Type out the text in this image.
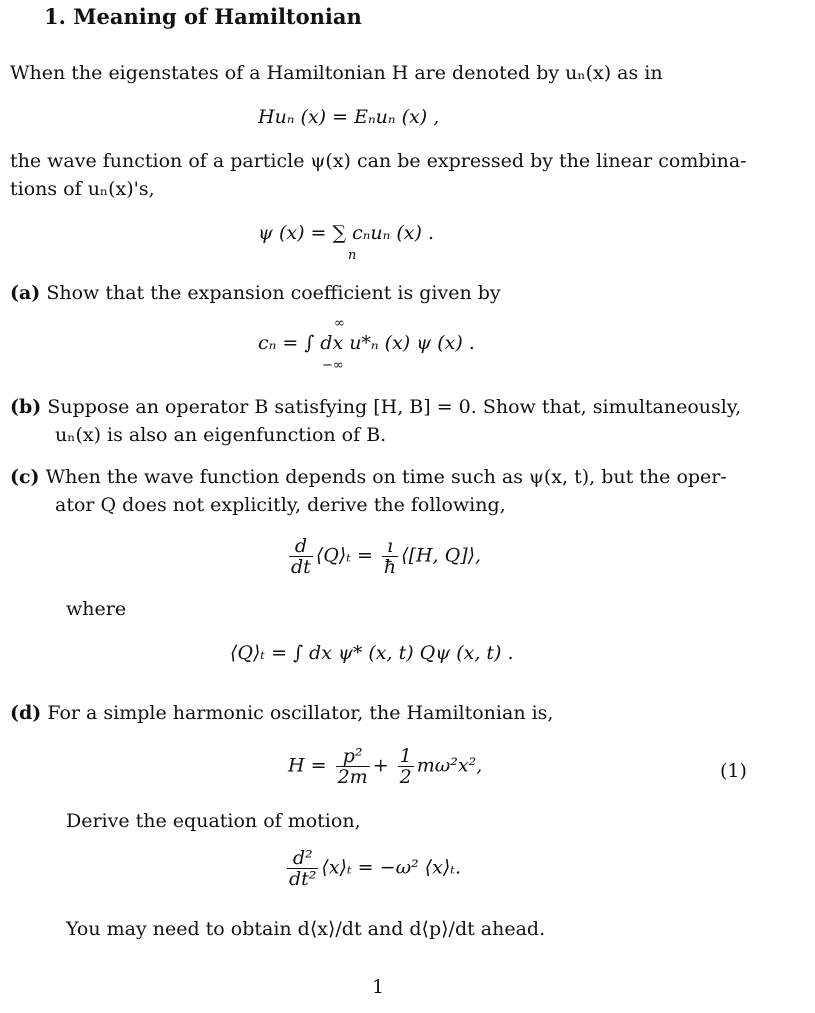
1. Meaning of Hamiltonian
When the eigenstates of a Hamiltonian H are denoted by uₙ(x) as in
Huₙ (x) = Eₙuₙ (x) ,
the wave function of a particle ψ(x) can be expressed by the linear combina-
tions of uₙ(x)'s,
ψ (x) = ∑ cₙuₙ (x) .
n
(a) Show that the expansion coefficient is given by
cₙ = ∫ dx u*ₙ (x) ψ (x) .
∞
−∞
(b) Suppose an operator B satisfying [H, B] = 0. Show that, simultaneously,
uₙ(x) is also an eigenfunction of B.
(c) When the wave function depends on time such as ψ(x, t), but the oper-
ator Q does not explicitly, derive the following,
$\frac{d}{dt}$ ⟨Q⟩ₜ = $\frac{ı}{ħ}$ ⟨[H, Q]⟩,
where
⟨Q⟩ₜ = ∫ dx ψ* (x, t) Qψ (x, t) .
(d) For a simple harmonic oscillator, the Hamiltonian is,
$H = \frac{\text{p²}}{2m} + \frac{1}{2} m\omega^2x^2$,	(1)
Derive the equation of motion,
$\frac{\text{d²}}{\text{dt²}}$ ⟨x⟩ₜ = −ω² ⟨x⟩ₜ.
You may need to obtain d⟨x⟩/dt and d⟨p⟩/dt ahead.
1
